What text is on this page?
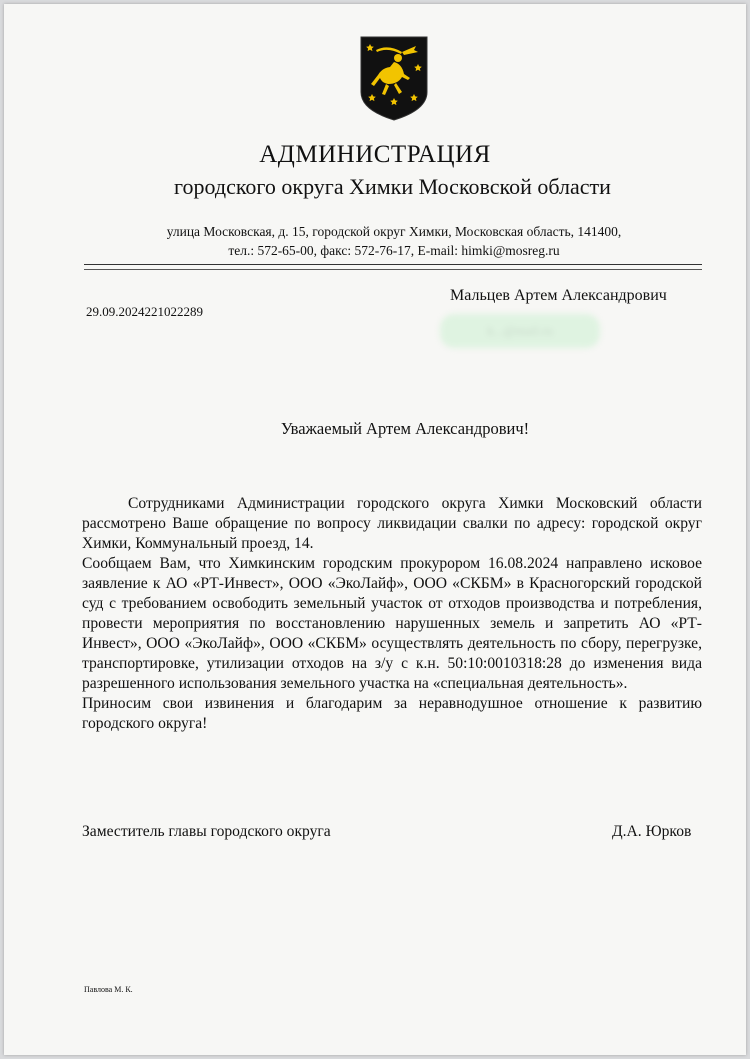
АДМИНИСТРАЦИЯ
городского округа Химки Московской области
улица Московская, д. 15, городской округ Химки, Московская область, 141400,
тел.: 572-65-00, факс: 572-76-17, E-mail: himki@mosreg.ru
29.09.2024221022289
Мальцев Артем Александрович
k...@mail.ru
Уважаемый Артем Александрович!

Сотрудниками Администрации городского округа Химки Московский области рассмотрено Ваше обращение по вопросу ликвидации свалки по адресу: городской округ Химки, Коммунальный проезд, 14.

Сообщаем Вам, что Химкинским городским прокурором 16.08.2024 направлено исковое заявление к АО «РТ-Инвест», ООО «ЭкоЛайф», ООО «СКБМ» в Красногорский городской суд с требованием освободить земельный участок от отходов производства и потребления, провести мероприятия по восстановлению нарушенных земель и запретить АО «РТ-Инвест», ООО «ЭкоЛайф», ООО «СКБМ» осуществлять деятельность по сбору, перегрузке, транспортировке, утилизации отходов на з/у с к.н. 50:10:0010318:28 до изменения вида разрешенного использования земельного участка на «специальная деятельность».

Приносим свои извинения и благодарим за неравнодушное отношение к развитию городского округа!

Заместитель главы городского округа	Д.А. Юрков
Павлова М. К.
